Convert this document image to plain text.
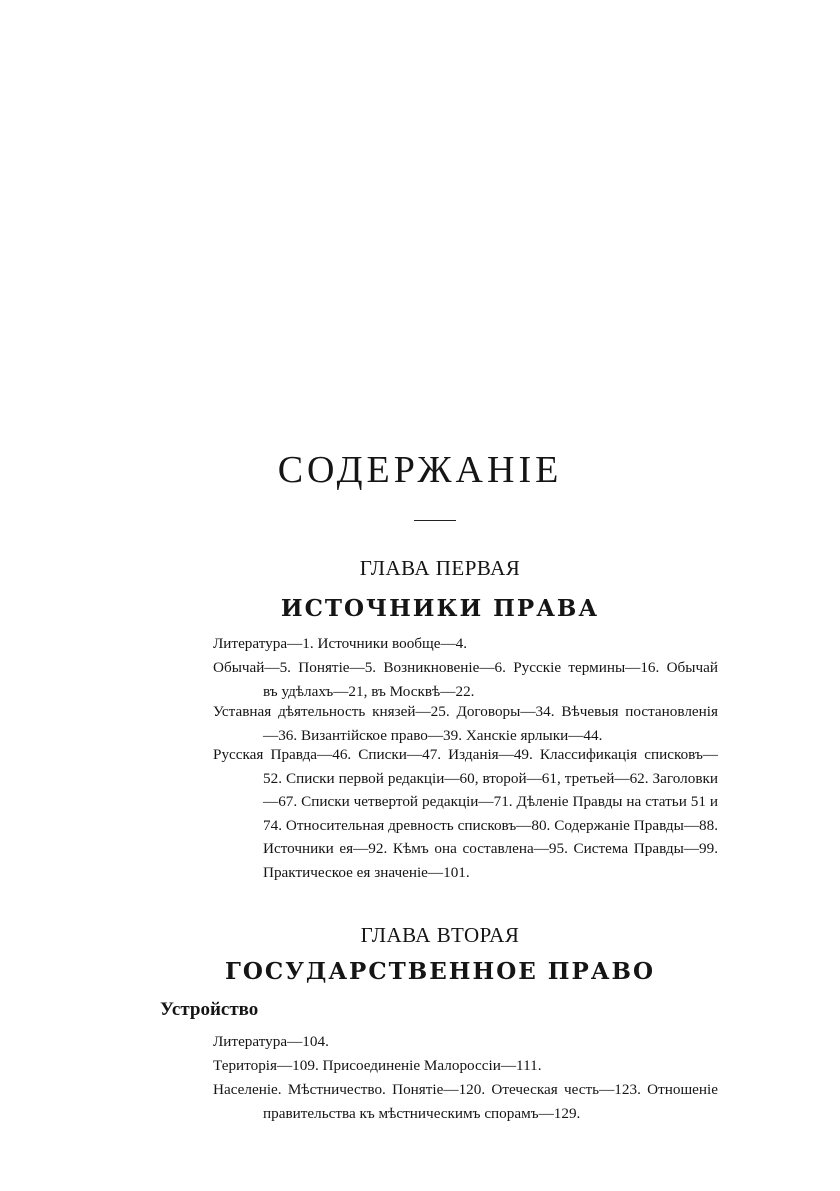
СОДЕРЖАНІЕ
ГЛАВА ПЕРВАЯ
ИСТОЧНИКИ ПРАВА
Литература—1. Источники вообще—4.
Обычай—5. Понятіе—5. Возникновеніе—6. Русскіе термины—16. Обычай въ удѣлахъ—21, въ Москвѣ—22.
Уставная дѣятельность князей—25. Договоры—34. Вѣчевыя постановленія—36. Византійское право—39. Ханскіе ярлыки—44.
Русская Правда—46. Списки—47. Изданія—49. Классификація списковъ—52. Списки первой редакціи—60, второй—61, третьей—62. Заголовки—67. Списки четвертой редакціи—71. Дѣленіе Правды на статьи 51 и 74. Относительная древность списковъ—80. Содержаніе Правды—88. Источники ея—92. Кѣмъ она составлена—95. Система Правды—99. Практическое ея значеніе—101.
ГЛАВА ВТОРАЯ
ГОСУДАРСТВЕННОЕ ПРАВО
Устройство
Литература—104.
Територія—109. Присоединеніе Малороссіи—111.
Населеніе. Мѣстничество. Понятіе—120. Отеческая честь—123. Отношеніе правительства къ мѣстническимъ спорамъ—129.
